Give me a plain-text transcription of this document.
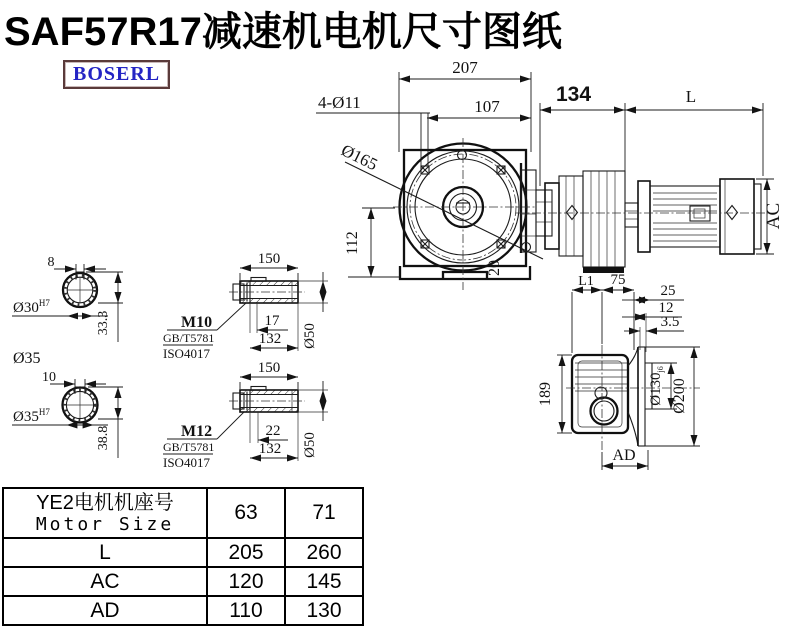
SAF57R17减速机电机尺寸图纸
BOSERL
Ø165
207
4-Ø11	107
112
20
134	L
AC
L1 75
25
12
3.5
189	$Ø130_{j6}$
Ø200
AD
8
$Ø30^{H7}$
33.3
Ø35
10
$Ø35^{H7}$
38.8
150
17
132 Ø50
M10
GB/T5781
ISO4017
150
22
132 Ø50
M12
GB/T5781
ISO4017
YE2电机机座号
Motor Size	63	71
L	205	260
AC	120	145
AD	110	130
